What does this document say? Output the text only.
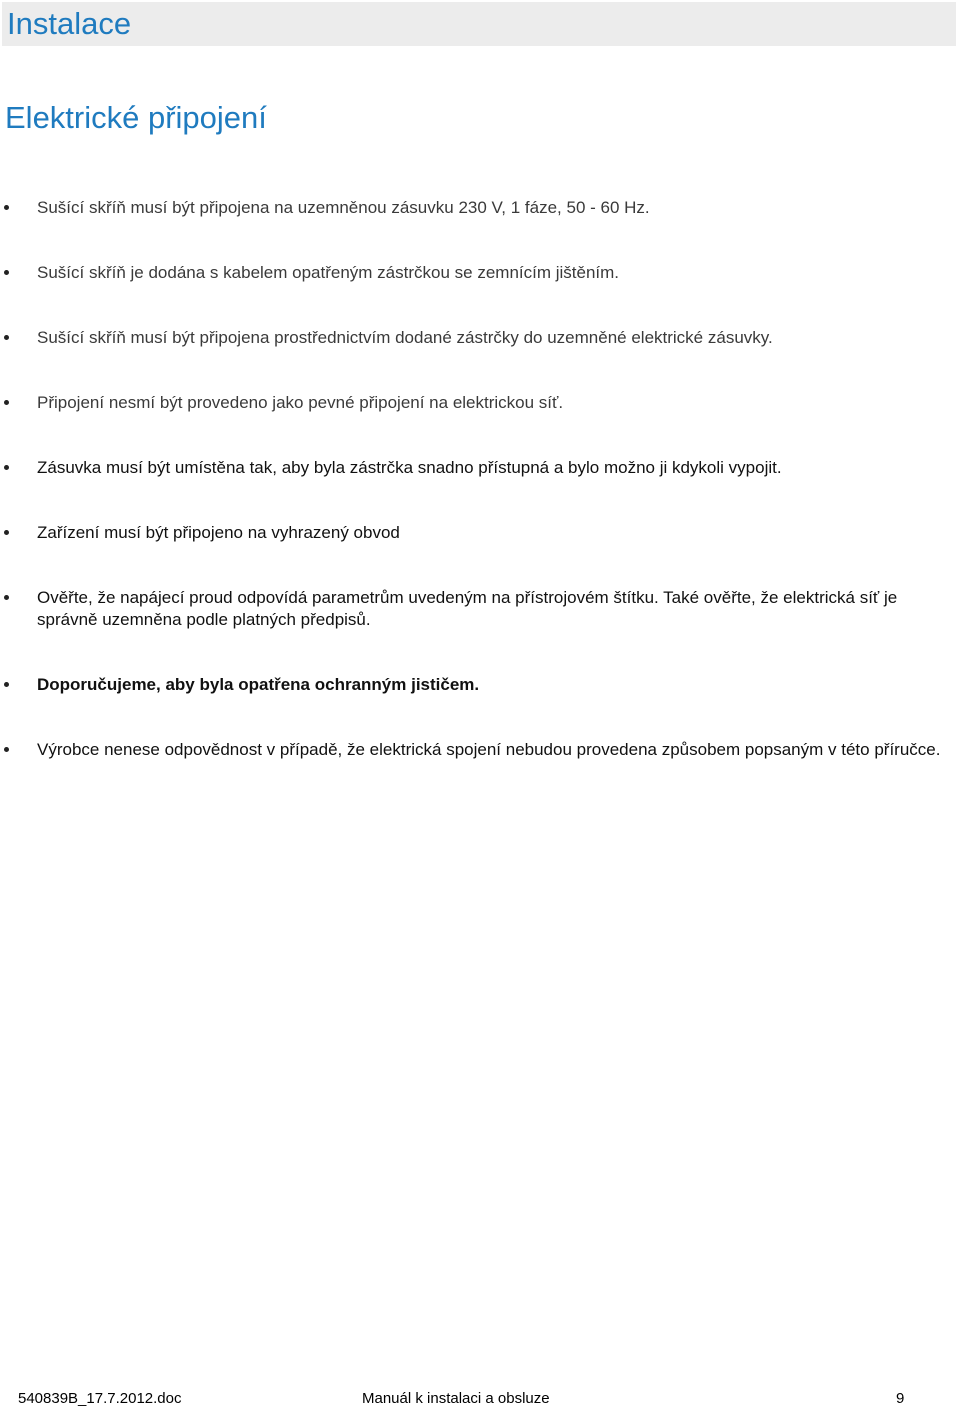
Instalace
Elektrické připojení
Sušící skříň musí být připojena na uzemněnou zásuvku 230 V, 1 fáze, 50 - 60 Hz.
Sušící skříň je dodána s kabelem opatřeným zástrčkou se zemnícím jištěním.
Sušící skříň musí být připojena prostřednictvím dodané zástrčky do uzemněné elektrické zásuvky.
Připojení nesmí být provedeno jako pevné připojení na elektrickou síť.
Zásuvka musí být umístěna tak, aby byla zástrčka snadno přístupná a bylo možno ji kdykoli vypojit.
Zařízení musí být připojeno na vyhrazený obvod
Ověřte, že napájecí proud odpovídá parametrům uvedeným na přístrojovém štítku. Také ověřte, že elektrická síť je správně uzemněna podle platných předpisů.
Doporučujeme, aby byla opatřena ochranným jističem.
Výrobce nenese odpovědnost v případě, že elektrická spojení nebudou provedena způsobem popsaným v této příručce.
540839B_17.7.2012.doc	Manuál k instalaci a obsluze	9
